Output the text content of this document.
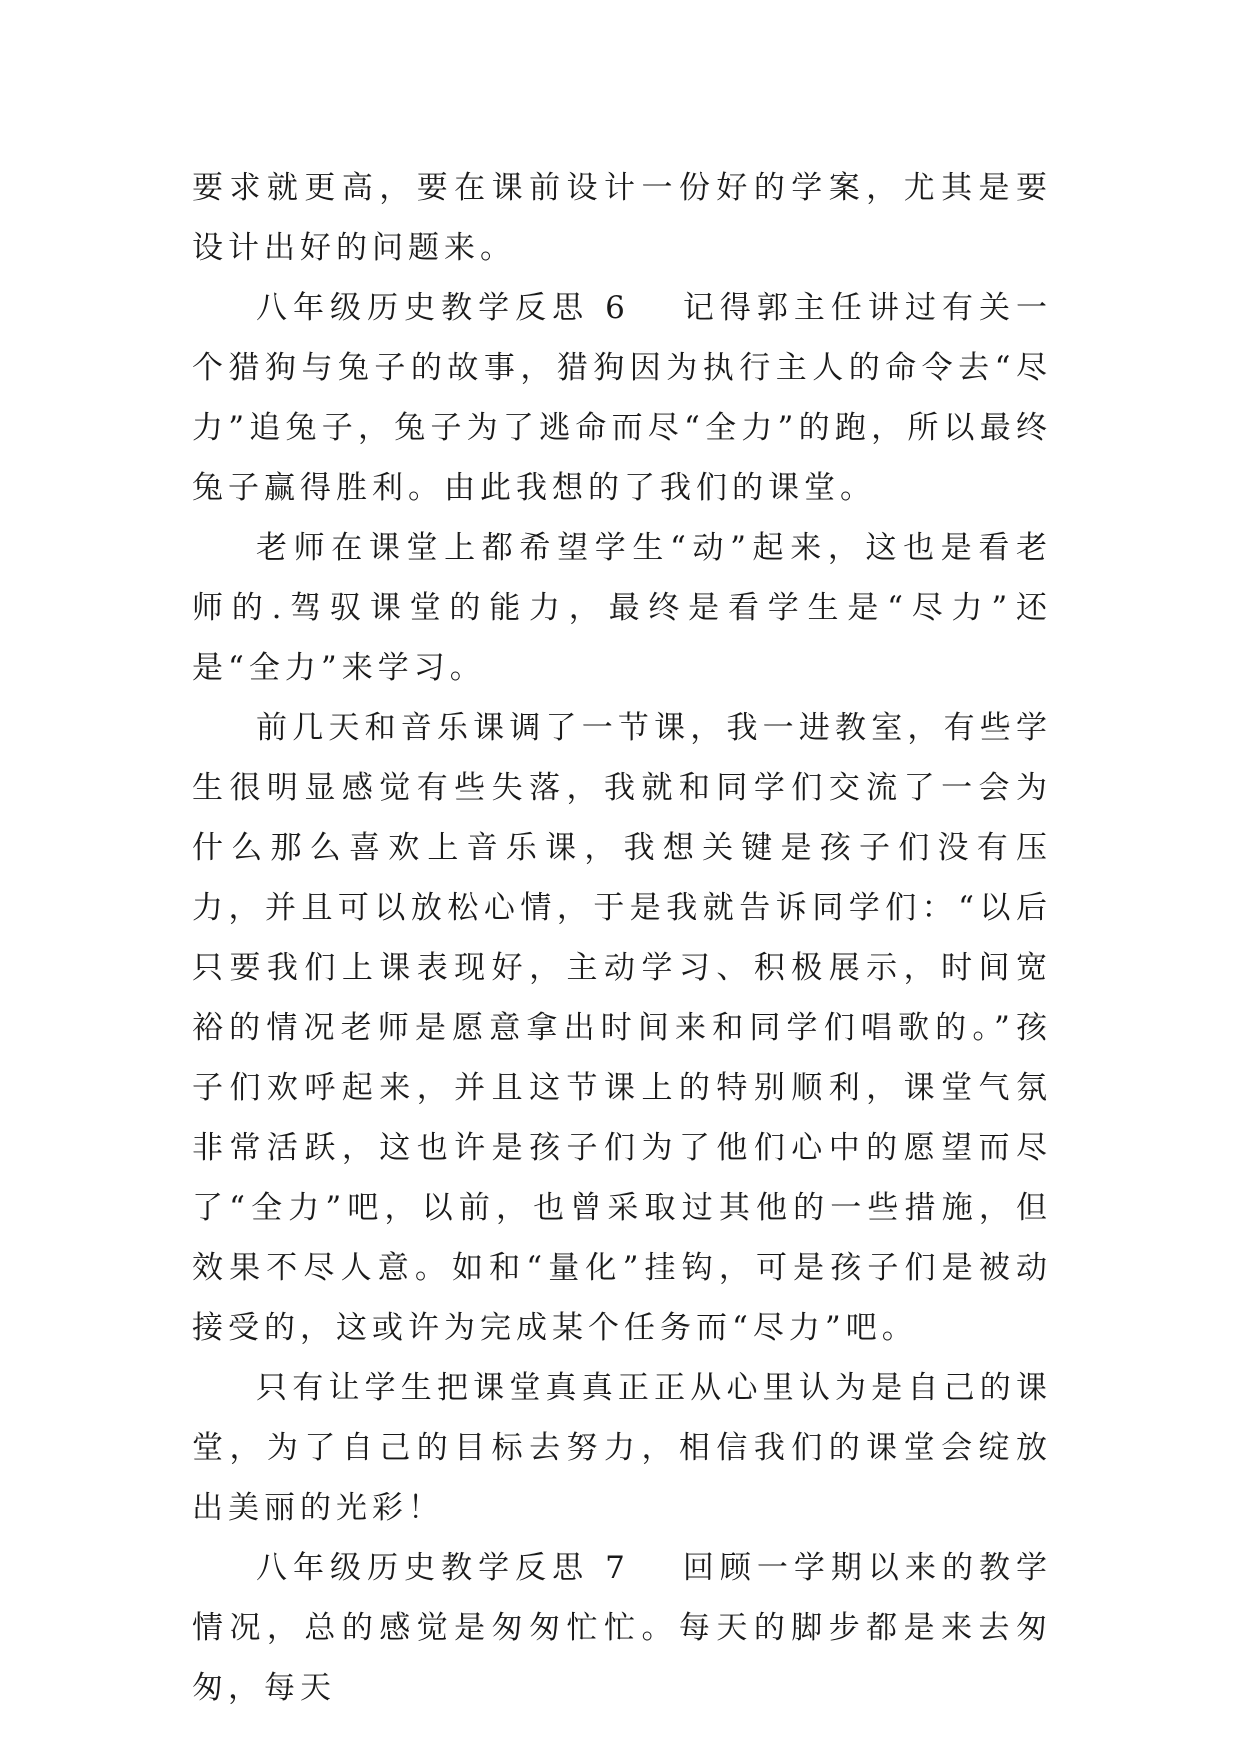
要求就更高，要在课前设计一份好的学案，尤其是要设计出好的问题来。

八年级历史教学反思 6 记得郭主任讲过有关一个猎狗与兔子的故事，猎狗因为执行主人的命令去“尽力”追兔子，兔子为了逃命而尽“全力”的跑，所以最终兔子赢得胜利。由此我想的了我们的课堂。

老师在课堂上都希望学生“动”起来，这也是看老师的.驾驭课堂的能力，最终是看学生是“尽力”还是“全力”来学习。

前几天和音乐课调了一节课，我一进教室，有些学生很明显感觉有些失落，我就和同学们交流了一会为什么那么喜欢上音乐课，我想关键是孩子们没有压力，并且可以放松心情，于是我就告诉同学们：“以后只要我们上课表现好，主动学习、积极展示，时间宽裕的情况老师是愿意拿出时间来和同学们唱歌的。”孩子们欢呼起来，并且这节课上的特别顺利，课堂气氛非常活跃，这也许是孩子们为了他们心中的愿望而尽了“全力”吧，以前，也曾采取过其他的一些措施，但效果不尽人意。如和“量化”挂钩，可是孩子们是被动接受的，这或许为完成某个任务而“尽力”吧。

只有让学生把课堂真真正正从心里认为是自己的课堂，为了自己的目标去努力，相信我们的课堂会绽放出美丽的光彩！

八年级历史教学反思 7 回顾一学期以来的教学情况，总的感觉是匆匆忙忙。每天的脚步都是来去匆匆，每天
